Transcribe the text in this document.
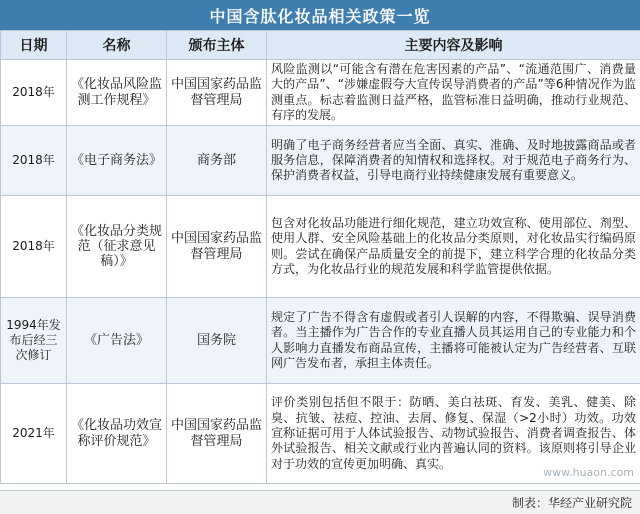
中国含肽化妆品相关政策一览
日期	名称	颁布主体	主要内容及影响
2018年	《化妆品风险监测工作规程》	中国国家药品监督管理局	风险监测以“可能含有潜在危害因素的产品”、“流通范围广、消费量大的产品”、“涉嫌虚假夸大宣传误导消费者的产品”等6种情况作为监测重点。标志着监测日益严格，监管标准日益明确，推动行业规范、有序的发展。
2018年	《电子商务法》	商务部	明确了电子商务经营者应当全面、真实、准确、及时地披露商品或者服务信息，保障消费者的知情权和选择权。对于规范电子商务行为、保护消费者权益，引导电商行业持续健康发展有重要意义。
2018年	《化妆品分类规范（征求意见稿）》	中国国家药品监督管理局	包含对化妆品功能进行细化规范，建立功效宣称、使用部位、剂型、使用人群、安全风险基础上的化妆品分类原则，对化妆品实行编码原则。尝试在确保产品质量安全的前提下，建立科学合理的化妆品分类方式，为化妆品行业的规范发展和科学监管提供依据。
1994年发布后经三次修订	《广告法》	国务院	规定了广告不得含有虚假或者引人误解的内容，不得欺骗、误导消费者。当主播作为广告合作的专业直播人员其运用自己的专业能力和个人影响力直播发布商品宣传，主播将可能被认定为广告经营者、互联网广告发布者，承担主体责任。
2021年	《化妆品功效宣称评价规范》	中国国家药品监督管理局	评价类别包括但不限于：防晒、美白祛斑、育发、美乳、健美、除臭、抗皱、祛痘、控油、去屑、修复、保湿（>2小时）功效。功效宣称证据可用于人体试验报告、动物试验报告、消费者调查报告、体外试验报告、相关文献或行业内普遍认同的资料。该原则将引导企业对于功效的宣传更加明确、真实。
www.huaon.com
制表：华经产业研究院
